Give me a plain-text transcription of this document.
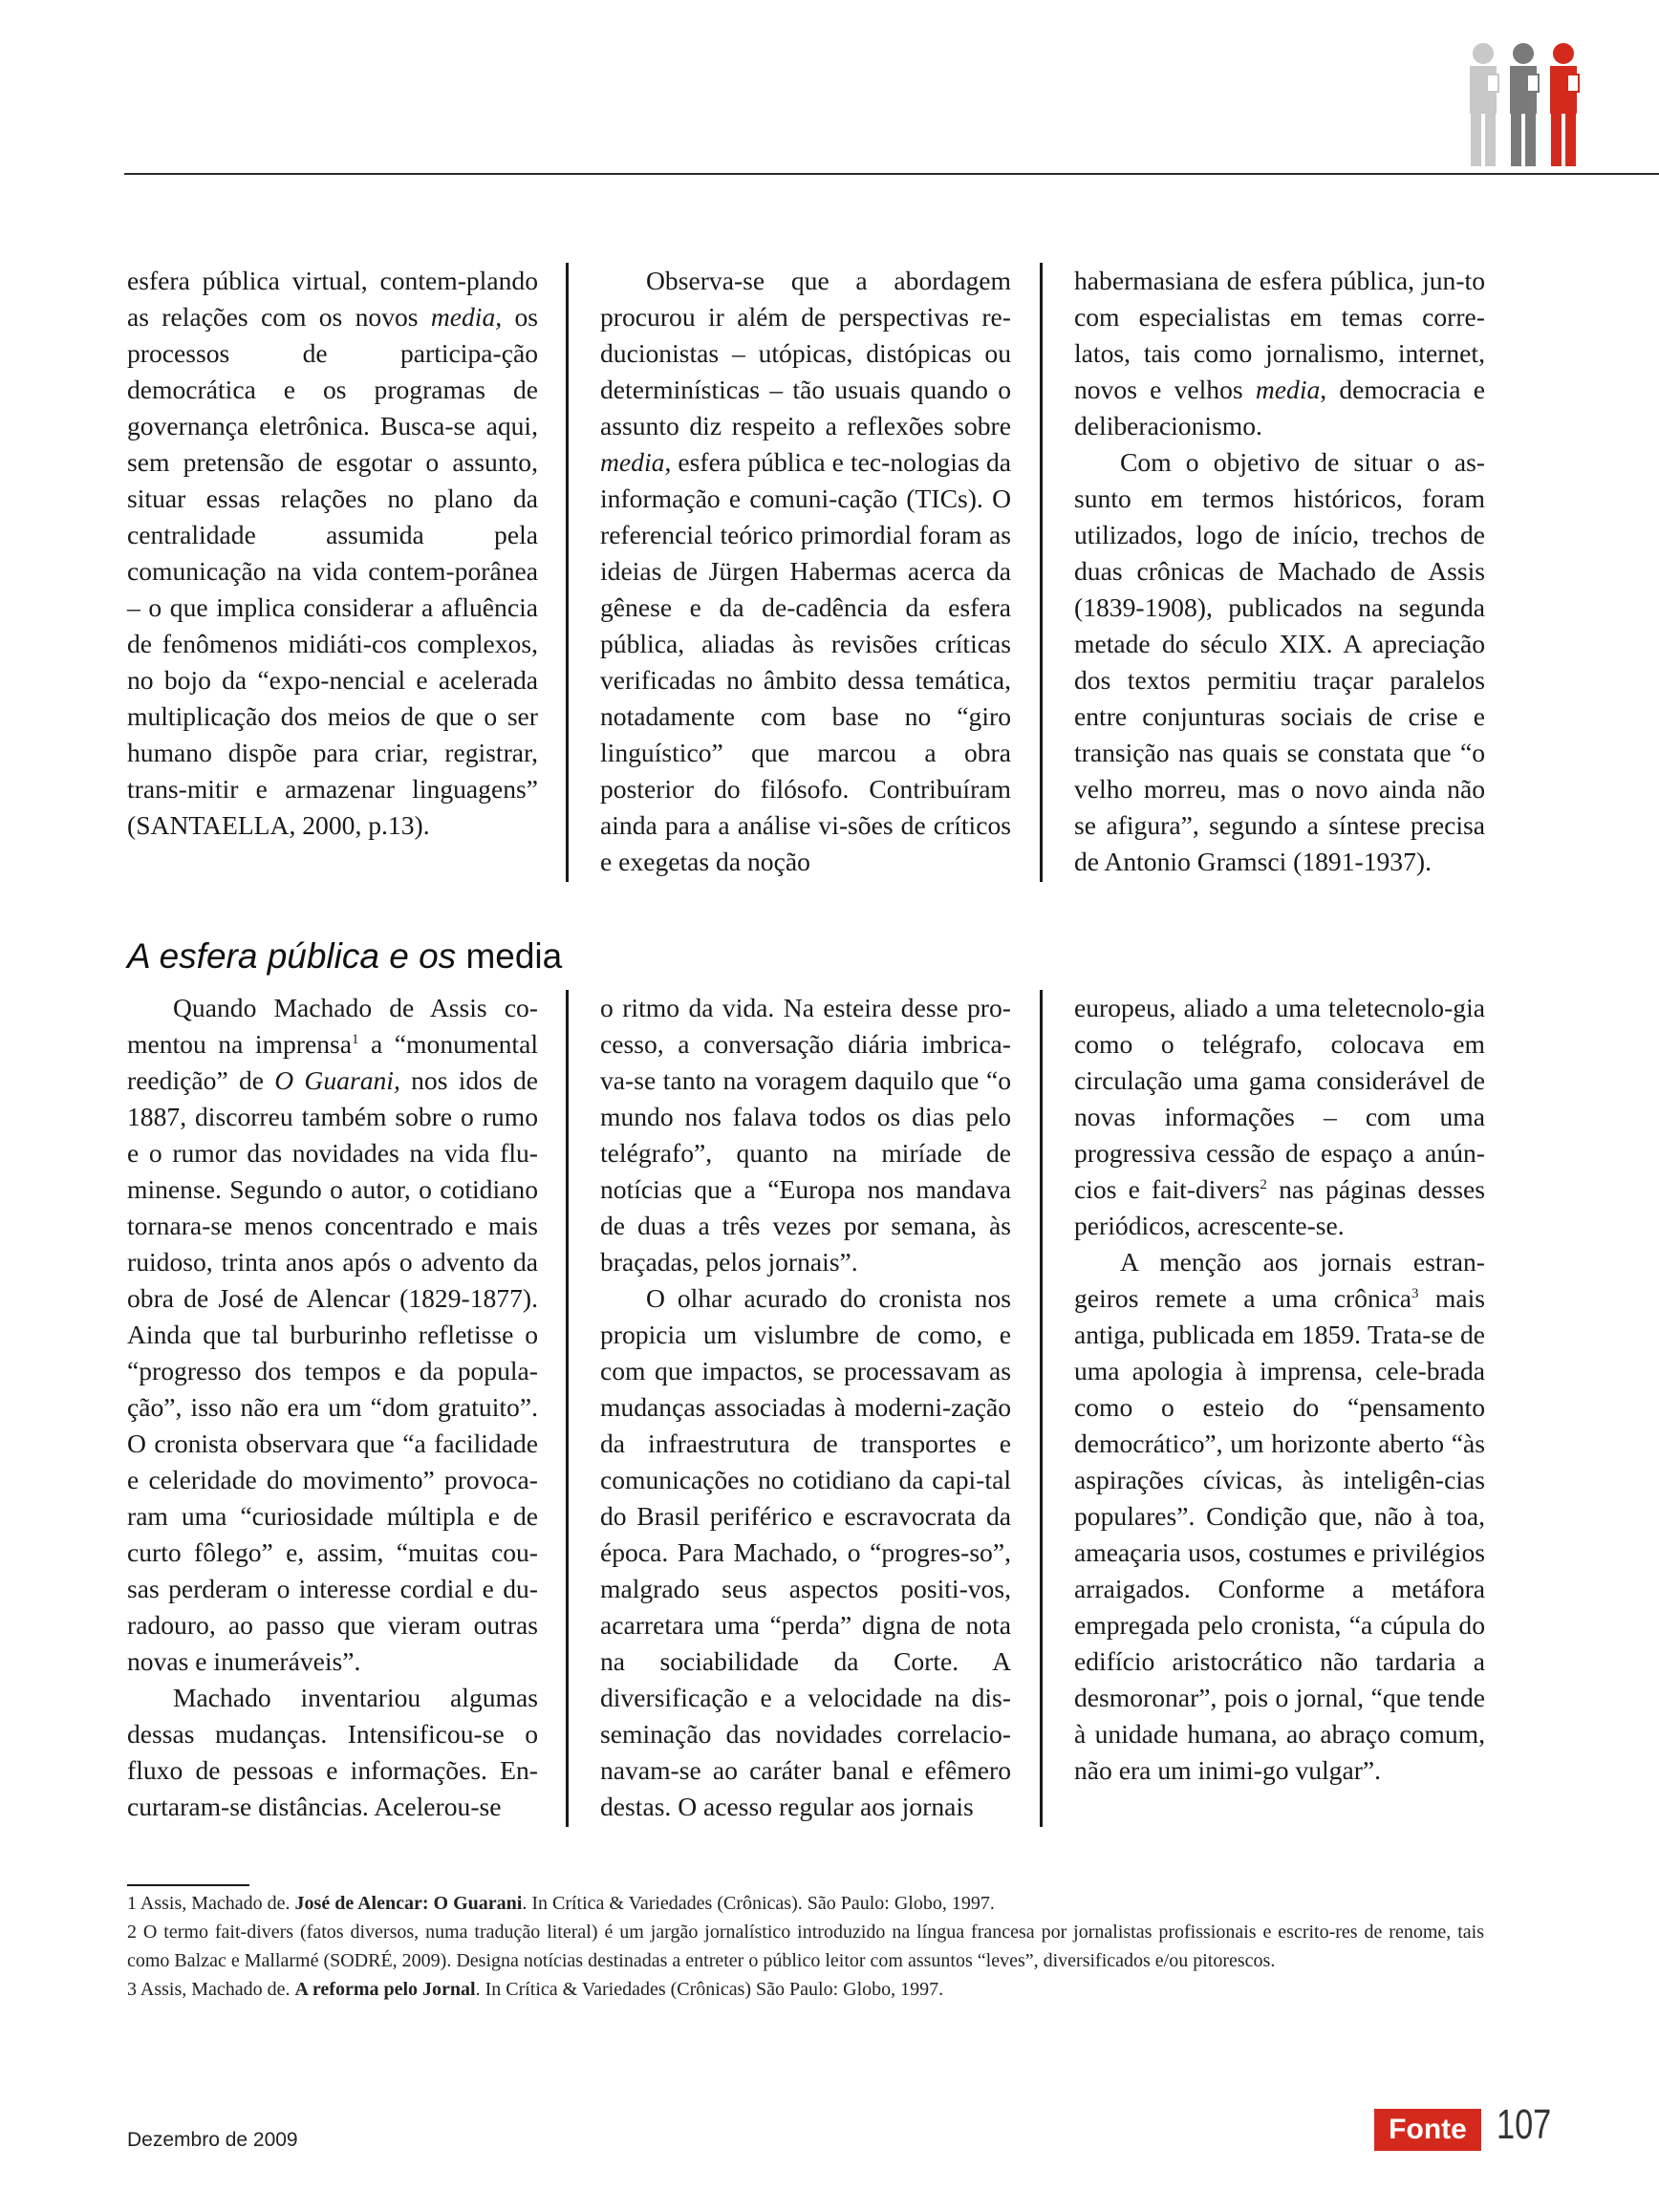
esfera pública virtual, contem-plando as relações com os novos media, os processos de participa-ção democrática e os programas de governança eletrônica. Busca-se aqui, sem pretensão de esgotar o assunto, situar essas relações no plano da centralidade assumida pela comunicação na vida contem-porânea – o que implica considerar a afluência de fenômenos midiáti-cos complexos, no bojo da “expo-nencial e acelerada multiplicação dos meios de que o ser humano dispõe para criar, registrar, trans-mitir e armazenar linguagens” (SANTAELLA, 2000, p.13).

Observa-se que a abordagem procurou ir além de perspectivas re-ducionistas – utópicas, distópicas ou determinísticas – tão usuais quando o assunto diz respeito a reflexões sobre media, esfera pública e tec-nologias da informação e comuni-cação (TICs). O referencial teórico primordial foram as ideias de Jürgen Habermas acerca da gênese e da de-cadência da esfera pública, aliadas às revisões críticas verificadas no âmbito dessa temática, notadamente com base no “giro linguístico” que marcou a obra posterior do filósofo. Contribuíram ainda para a análise vi-sões de críticos e exegetas da noção

habermasiana de esfera pública, jun-to com especialistas em temas corre-latos, tais como jornalismo, internet, novos e velhos media, democracia e deliberacionismo.

Com o objetivo de situar o as-sunto em termos históricos, foram utilizados, logo de início, trechos de duas crônicas de Machado de Assis (1839-1908), publicados na segunda metade do século XIX. A apreciação dos textos permitiu traçar paralelos entre conjunturas sociais de crise e transição nas quais se constata que “o velho morreu, mas o novo ainda não se afigura”, segundo a síntese precisa de Antonio Gramsci (1891-1937).

A esfera pública e os media

Quando Machado de Assis co-mentou na imprensa$^1$ a “monumental reedição” de O Guarani, nos idos de 1887, discorreu também sobre o rumo e o rumor das novidades na vida flu-minense. Segundo o autor, o cotidiano tornara-se menos concentrado e mais ruidoso, trinta anos após o advento da obra de José de Alencar (1829-1877). Ainda que tal burburinho refletisse o “progresso dos tempos e da popula-ção”, isso não era um “dom gratuito”. O cronista observara que “a facilidade e celeridade do movimento” provoca-ram uma “curiosidade múltipla e de curto fôlego” e, assim, “muitas cou-sas perderam o interesse cordial e du-radouro, ao passo que vieram outras novas e inumeráveis”.

Machado inventariou algumas dessas mudanças. Intensificou-se o fluxo de pessoas e informações. En-curtaram-se distâncias. Acelerou-se

o ritmo da vida. Na esteira desse pro-cesso, a conversação diária imbrica-va-se tanto na voragem daquilo que “o mundo nos falava todos os dias pelo telégrafo”, quanto na miríade de notícias que a “Europa nos mandava de duas a três vezes por semana, às braçadas, pelos jornais”.

O olhar acurado do cronista nos propicia um vislumbre de como, e com que impactos, se processavam as mudanças associadas à moderni-zação da infraestrutura de transportes e comunicações no cotidiano da capi-tal do Brasil periférico e escravocrata da época. Para Machado, o “progres-so”, malgrado seus aspectos positi-vos, acarretara uma “perda” digna de nota na sociabilidade da Corte. A diversificação e a velocidade na dis-seminação das novidades correlacio-navam-se ao caráter banal e efêmero destas. O acesso regular aos jornais

europeus, aliado a uma teletecnolo-gia como o telégrafo, colocava em circulação uma gama considerável de novas informações – com uma progressiva cessão de espaço a anún-cios e fait-divers$^2$ nas páginas desses periódicos, acrescente-se.

A menção aos jornais estran-geiros remete a uma crônica$^3$ mais antiga, publicada em 1859. Trata-se de uma apologia à imprensa, cele-brada como o esteio do “pensamento democrático”, um horizonte aberto “às aspirações cívicas, às inteligên-cias populares”. Condição que, não à toa, ameaçaria usos, costumes e privilégios arraigados. Conforme a metáfora empregada pelo cronista, “a cúpula do edifício aristocrático não tardaria a desmoronar”, pois o jornal, “que tende à unidade humana, ao abraço comum, não era um inimi-go vulgar”.

1 Assis, Machado de. José de Alencar: O Guarani. In Crítica & Variedades (Crônicas). São Paulo: Globo, 1997.

2 O termo fait-divers (fatos diversos, numa tradução literal) é um jargão jornalístico introduzido na língua francesa por jornalistas profissionais e escrito-res de renome, tais como Balzac e Mallarmé (SODRÉ, 2009). Designa notícias destinadas a entreter o público leitor com assuntos “leves”, diversificados e/ou pitorescos.

3 Assis, Machado de. A reforma pelo Jornal. In Crítica & Variedades (Crônicas) São Paulo: Globo, 1997.

Dezembro de 2009	Fonte 107
